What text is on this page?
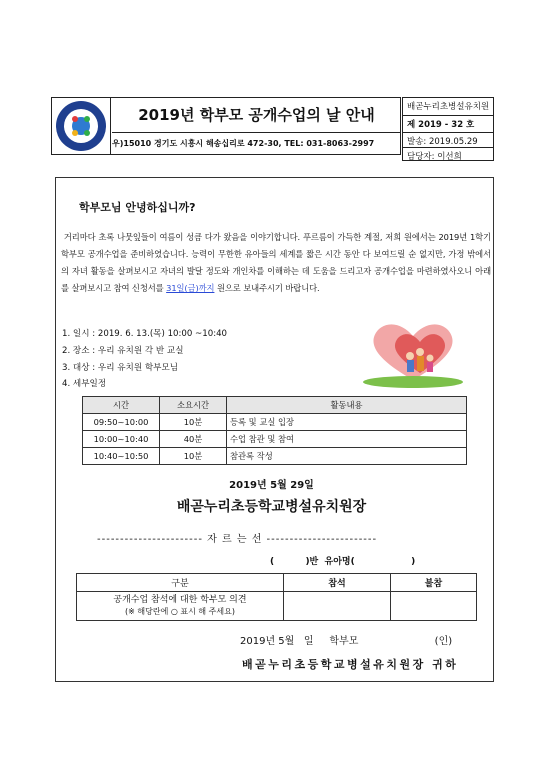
2019년 학부모 공개수업의 날 안내
우)15010 경기도 시흥시 해송십리로 472-30, TEL: 031-8063-2997
배곧누리초병설유치원
제 2019 - 32 호
발송: 2019.05.29
담당자: 이선희
학부모님 안녕하십니까?
거리마다 초록 나뭇잎들이 여름이 성큼 다가 왔음을 이야기합니다. 푸르름이 가득한 계절, 저희 원에서는 2019년 1학기 학부모 공개수업을 준비하였습니다. 능력이 무한한 유아들의 세계를 짧은 시간 동안 다 보여드릴 순 없지만, 가정 밖에서의 자녀 활동을 살펴보시고 자녀의 발달 정도와 개인차를 이해하는 데 도움을 드리고자 공개수업을 마련하였사오니 아래를 살펴보시고 참여 신청서를 31일(금)까지 원으로 보내주시기 바랍니다.
1. 일시 : 2019. 6. 13.(목) 10:00 ~10:40
2. 장소 : 우리 유치원 각 반 교실
3. 대상 : 우리 유치원 학부모님
4. 세부일정
시간	소요시간	활동내용
09:50~10:00	10분	등록 및 교실 입장
10:00~10:40	40분	수업 참관 및 참여
10:40~10:50	10분	참관록 작성
2019년 5월 29일
배곧누리초등학교병설유치원장
----------------------- 자 르 는 선 ------------------------
(          )반  유아명(                  )
구분	참석	불참

공개수업 참석에 대한 학부모 의견
(※ 해당란에 ○ 표시 해 주세요)		

2019년 5월   일     학부모                        (인)
배곧누리초등학교병설유치원장 귀하
